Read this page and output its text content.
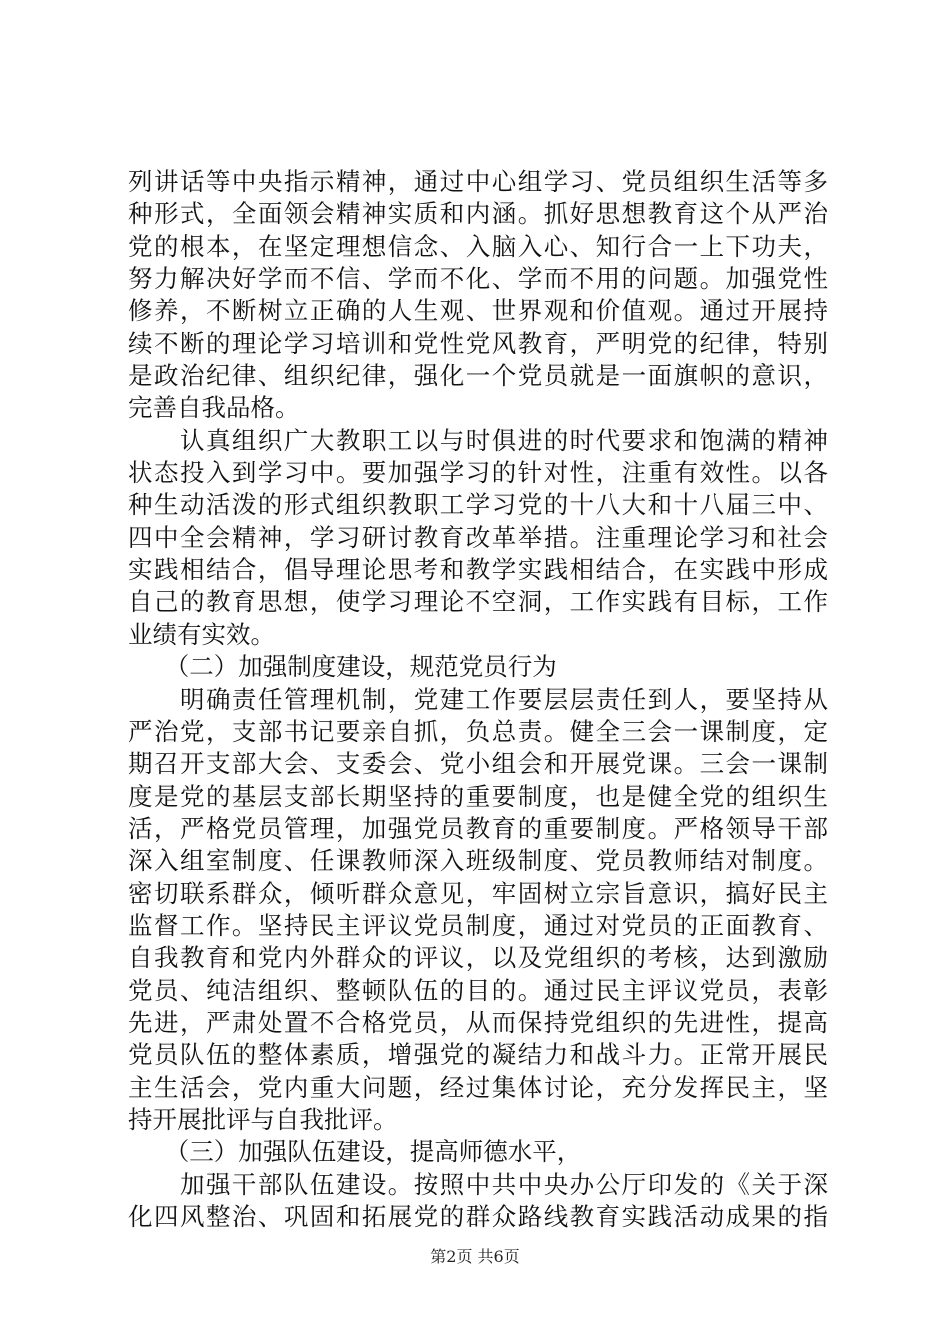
列讲话等中央指示精神，通过中心组学习、党员组织生活等多
种形式，全面领会精神实质和内涵。抓好思想教育这个从严治
党的根本，在坚定理想信念、入脑入心、知行合一上下功夫，
努力解决好学而不信、学而不化、学而不用的问题。加强党性
修养，不断树立正确的人生观、世界观和价值观。通过开展持
续不断的理论学习培训和党性党风教育，严明党的纪律，特别
是政治纪律、组织纪律，强化一个党员就是一面旗帜的意识，
完善自我品格。
　　认真组织广大教职工以与时俱进的时代要求和饱满的精神
状态投入到学习中。要加强学习的针对性，注重有效性。以各
种生动活泼的形式组织教职工学习党的十八大和十八届三中、
四中全会精神，学习研讨教育改革举措。注重理论学习和社会
实践相结合，倡导理论思考和教学实践相结合，在实践中形成
自己的教育思想，使学习理论不空洞，工作实践有目标，工作
业绩有实效。
　　（二）加强制度建设，规范党员行为
　　明确责任管理机制，党建工作要层层责任到人，要坚持从
严治党，支部书记要亲自抓，负总责。健全三会一课制度，定
期召开支部大会、支委会、党小组会和开展党课。三会一课制
度是党的基层支部长期坚持的重要制度，也是健全党的组织生
活，严格党员管理，加强党员教育的重要制度。严格领导干部
深入组室制度、任课教师深入班级制度、党员教师结对制度。
密切联系群众，倾听群众意见，牢固树立宗旨意识，搞好民主
监督工作。坚持民主评议党员制度，通过对党员的正面教育、
自我教育和党内外群众的评议，以及党组织的考核，达到激励
党员、纯洁组织、整顿队伍的目的。通过民主评议党员，表彰
先进，严肃处置不合格党员，从而保持党组织的先进性，提高
党员队伍的整体素质，增强党的凝结力和战斗力。正常开展民
主生活会，党内重大问题，经过集体讨论，充分发挥民主，坚
持开展批评与自我批评。
　　（三）加强队伍建设，提高师德水平，
　　加强干部队伍建设。按照中共中央办公厅印发的《关于深
化四风整治、巩固和拓展党的群众路线教育实践活动成果的指
第2页 共6页
